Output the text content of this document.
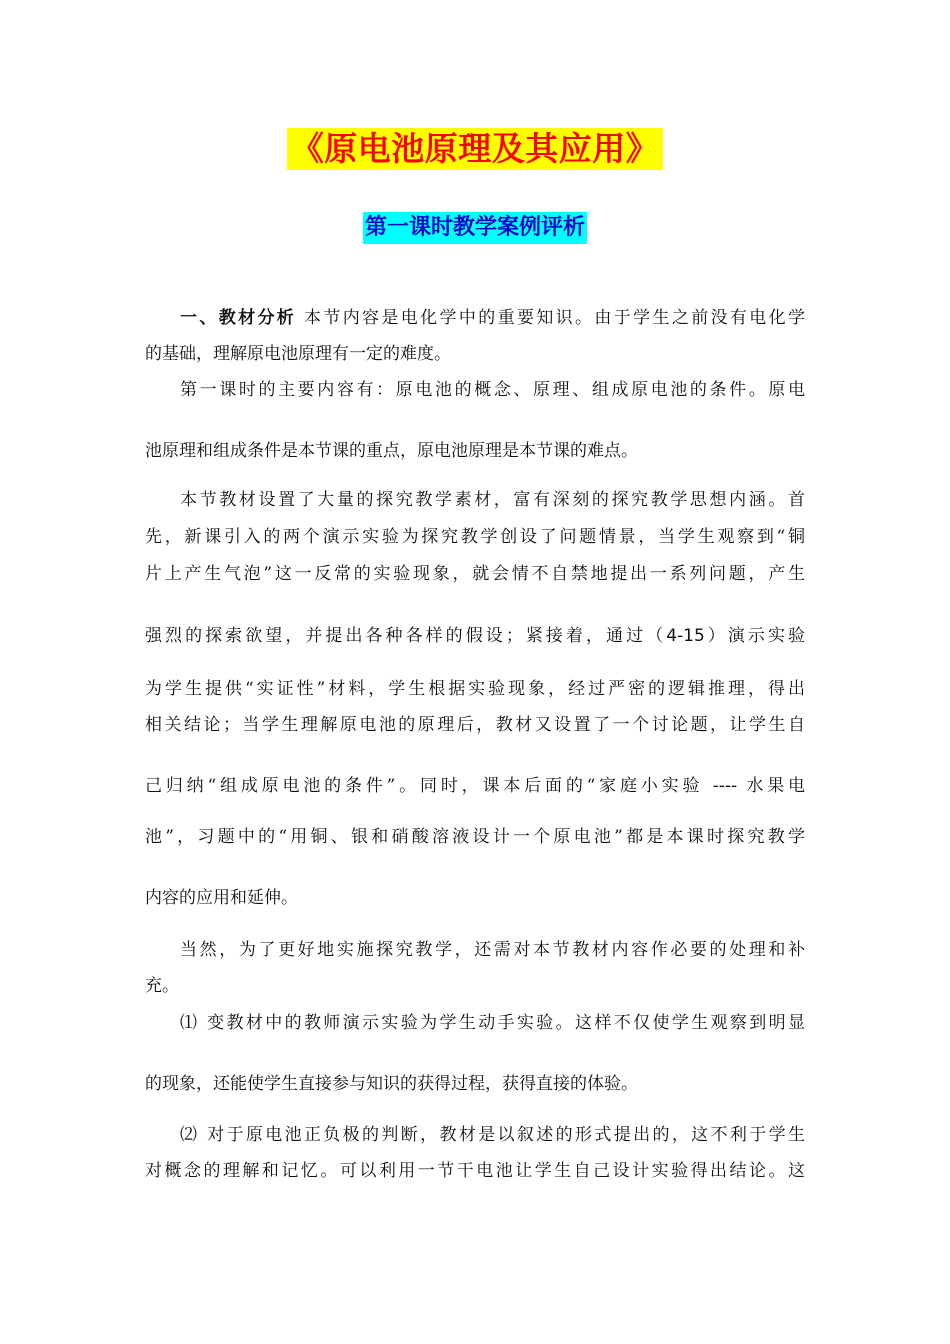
《原电池原理及其应用》
第一课时教学案例评析
一、教材分析 本节内容是电化学中的重要知识。由于学生之前没有电化学
的基础，理解原电池原理有一定的难度。
第一课时的主要内容有：原电池的概念、原理、组成原电池的条件。原电
池原理和组成条件是本节课的重点，原电池原理是本节课的难点。
本节教材设置了大量的探究教学素材，富有深刻的探究教学思想内涵。首
先，新课引入的两个演示实验为探究教学创设了问题情景，当学生观察到“铜
片上产生气泡”这一反常的实验现象，就会情不自禁地提出一系列问题，产生
强烈的探索欲望，并提出各种各样的假设；紧接着，通过（4-15）演示实验
为学生提供“实证性”材料，学生根据实验现象，经过严密的逻辑推理，得出
相关结论；当学生理解原电池的原理后，教材又设置了一个讨论题，让学生自
己归纳“组成原电池的条件”。同时，课本后面的“家庭小实验 ---- 水果电
池”，习题中的“用铜、银和硝酸溶液设计一个原电池”都是本课时探究教学
内容的应用和延伸。
当然，为了更好地实施探究教学，还需对本节教材内容作必要的处理和补
充。
⑴ 变教材中的教师演示实验为学生动手实验。这样不仅使学生观察到明显
的现象，还能使学生直接参与知识的获得过程，获得直接的体验。
⑵ 对于原电池正负极的判断，教材是以叙述的形式提出的，这不利于学生
对概念的理解和记忆。可以利用一节干电池让学生自己设计实验得出结论。这
